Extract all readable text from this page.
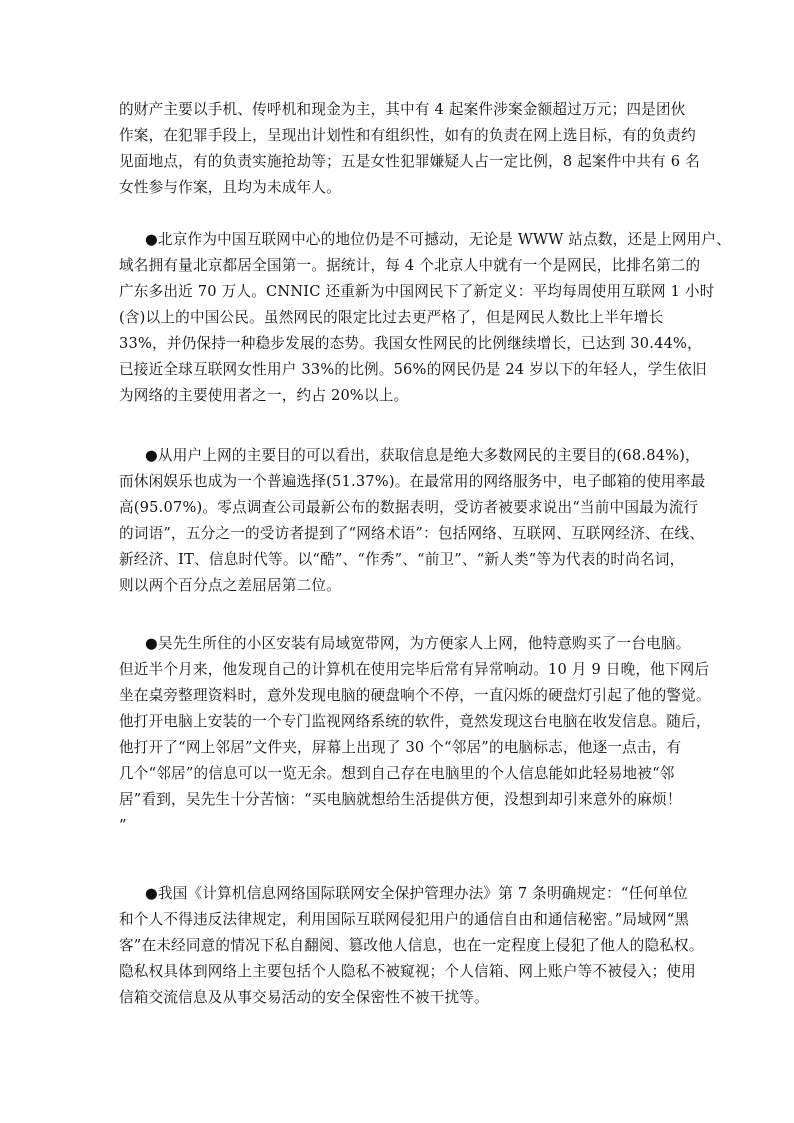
的财产主要以手机、传呼机和现金为主，其中有 4 起案件涉案金额超过万元；四是团伙
作案，在犯罪手段上，呈现出计划性和有组织性，如有的负责在网上选目标，有的负责约
见面地点，有的负责实施抢劫等；五是女性犯罪嫌疑人占一定比例，8 起案件中共有 6 名
女性参与作案，且均为未成年人。
●北京作为中国互联网中心的地位仍是不可撼动，无论是 WWW 站点数，还是上网用户、
域名拥有量北京都居全国第一。据统计，每 4 个北京人中就有一个是网民，比排名第二的
广东多出近 70 万人。CNNIC 还重新为中国网民下了新定义：平均每周使用互联网 1 小时
(含)以上的中国公民。虽然网民的限定比过去更严格了，但是网民人数比上半年增长
33%，并仍保持一种稳步发展的态势。我国女性网民的比例继续增长，已达到 30.44%，
已接近全球互联网女性用户 33%的比例。56%的网民仍是 24 岁以下的年轻人，学生依旧
为网络的主要使用者之一，约占 20%以上。
●从用户上网的主要目的可以看出，获取信息是绝大多数网民的主要目的(68.84%)，
而休闲娱乐也成为一个普遍选择(51.37%)。在最常用的网络服务中，电子邮箱的使用率最
高(95.07%)。零点调查公司最新公布的数据表明，受访者被要求说出“当前中国最为流行
的词语”，五分之一的受访者提到了“网络术语”：包括网络、互联网、互联网经济、在线、
新经济、IT、信息时代等。以“酷”、“作秀”、“前卫”、“新人类”等为代表的时尚名词，
则以两个百分点之差屈居第二位。
●吴先生所住的小区安装有局域宽带网，为方便家人上网，他特意购买了一台电脑。
但近半个月来，他发现自己的计算机在使用完毕后常有异常响动。10 月 9 日晚，他下网后
坐在桌旁整理资料时，意外发现电脑的硬盘响个不停，一直闪烁的硬盘灯引起了他的警觉。
他打开电脑上安装的一个专门监视网络系统的软件，竟然发现这台电脑在收发信息。随后，
他打开了“网上邻居”文件夹，屏幕上出现了 30 个“邻居”的电脑标志，他逐一点击，有
几个“邻居”的信息可以一览无余。想到自己存在电脑里的个人信息能如此轻易地被“邻
居”看到，吴先生十分苦恼：“买电脑就想给生活提供方便，没想到却引来意外的麻烦！
”
●我国《计算机信息网络国际联网安全保护管理办法》第 7 条明确规定：“任何单位
和个人不得违反法律规定，利用国际互联网侵犯用户的通信自由和通信秘密。”局域网“黑
客”在未经同意的情况下私自翻阅、篡改他人信息，也在一定程度上侵犯了他人的隐私权。
隐私权具体到网络上主要包括个人隐私不被窥视；个人信箱、网上账户等不被侵入；使用
信箱交流信息及从事交易活动的安全保密性不被干扰等。
